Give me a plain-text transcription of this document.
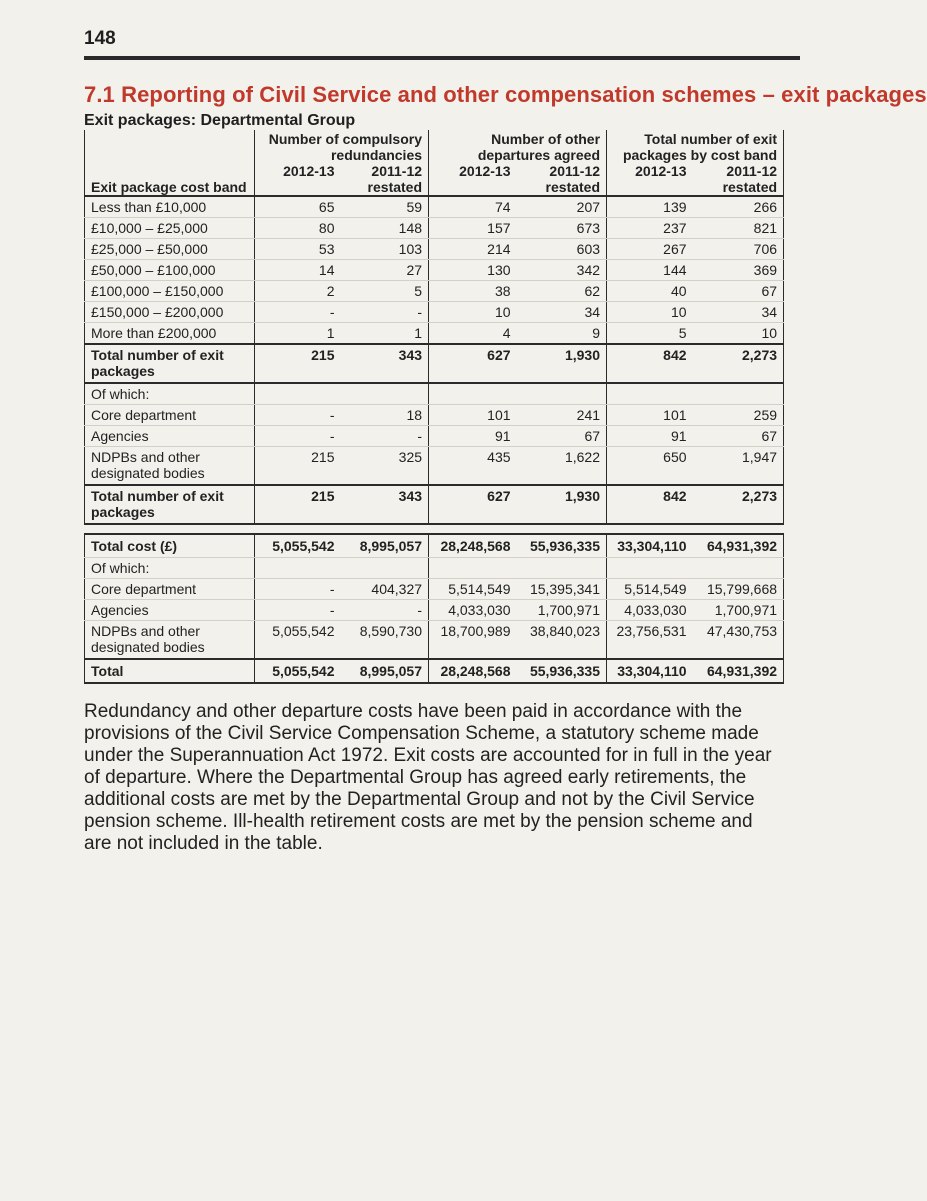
148
7.1 Reporting of Civil Service and other compensation schemes – exit packages
Exit packages: Departmental Group
	Number of compulsory redundancies		Number of other departures agreed		Total number of exit packages by cost band	
Exit package cost band	2012-13	2011-12 restated	2012-13	2011-12 restated	2012-13	2011-12 restated
Less than £10,000	65	59	74	207	139	266
£10,000 – £25,000	80	148	157	673	237	821
£25,000 – £50,000	53	103	214	603	267	706
£50,000 – £100,000	14	27	130	342	144	369
£100,000 – £150,000	2	5	38	62	40	67
£150,000 – £200,000	-	-	10	34	10	34
More than £200,000	1	1	4	9	5	10
Total number of exit packages	215	343	627	1,930	842	2,273
Of which:						
Core department	-	18	101	241	101	259
Agencies	-	-	91	67	91	67
NDPBs and other designated bodies	215	325	435	1,622	650	1,947
Total number of exit packages	215	343	627	1,930	842	2,273

Total cost (£)	5,055,542	8,995,057	28,248,568	55,936,335	33,304,110	64,931,392
Of which:						
Core department	-	404,327	5,514,549	15,395,341	5,514,549	15,799,668
Agencies	-	-	4,033,030	1,700,971	4,033,030	1,700,971
NDPBs and other designated bodies	5,055,542	8,590,730	18,700,989	38,840,023	23,756,531	47,430,753
Total	5,055,542	8,995,057	28,248,568	55,936,335	33,304,110	64,931,392
Redundancy and other departure costs have been paid in accordance with the provisions of the Civil Service Compensation Scheme, a statutory scheme made under the Superannuation Act 1972. Exit costs are accounted for in full in the year of departure. Where the Departmental Group has agreed early retirements, the additional costs are met by the Departmental Group and not by the Civil Service pension scheme. Ill-health retirement costs are met by the pension scheme and are not included in the table.
